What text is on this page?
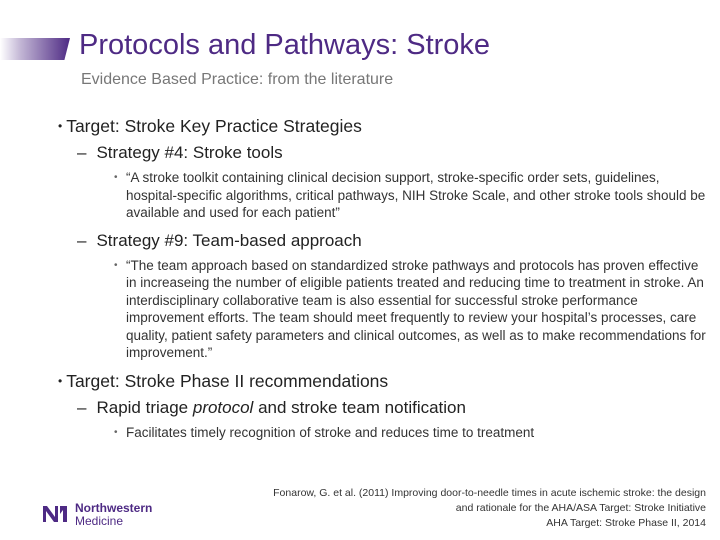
Protocols and Pathways: Stroke

Evidence Based Practice: from the literature

• Target: Stroke Key Practice Strategies

– Strategy #4: Stroke tools

• “A stroke toolkit containing clinical decision support, stroke-specific order sets, guidelines, hospital-specific algorithms, critical pathways, NIH Stroke Scale, and other stroke tools should be available and used for each patient”

– Strategy #9: Team-based approach

• “The team approach based on standardized stroke pathways and protocols has proven effective in increaseing the number of eligible patients treated and reducing time to treatment in stroke. An interdisciplinary collaborative team is also essential for successful stroke performance improvement efforts. The team should meet frequently to review your hospital’s processes, care quality, patient safety parameters and clinical outcomes, as well as to make recommendations for improvement.”

• Target: Stroke Phase II recommendations

– Rapid triage protocol and stroke team notification

• Facilitates timely recognition of stroke and reduces time to treatment

Northwestern
Medicine
Fonarow, G. et al. (2011) Improving door-to-needle times in acute ischemic stroke: the design
and rationale for the AHA/ASA Target: Stroke Initiative
AHA Target: Stroke Phase II, 2014
